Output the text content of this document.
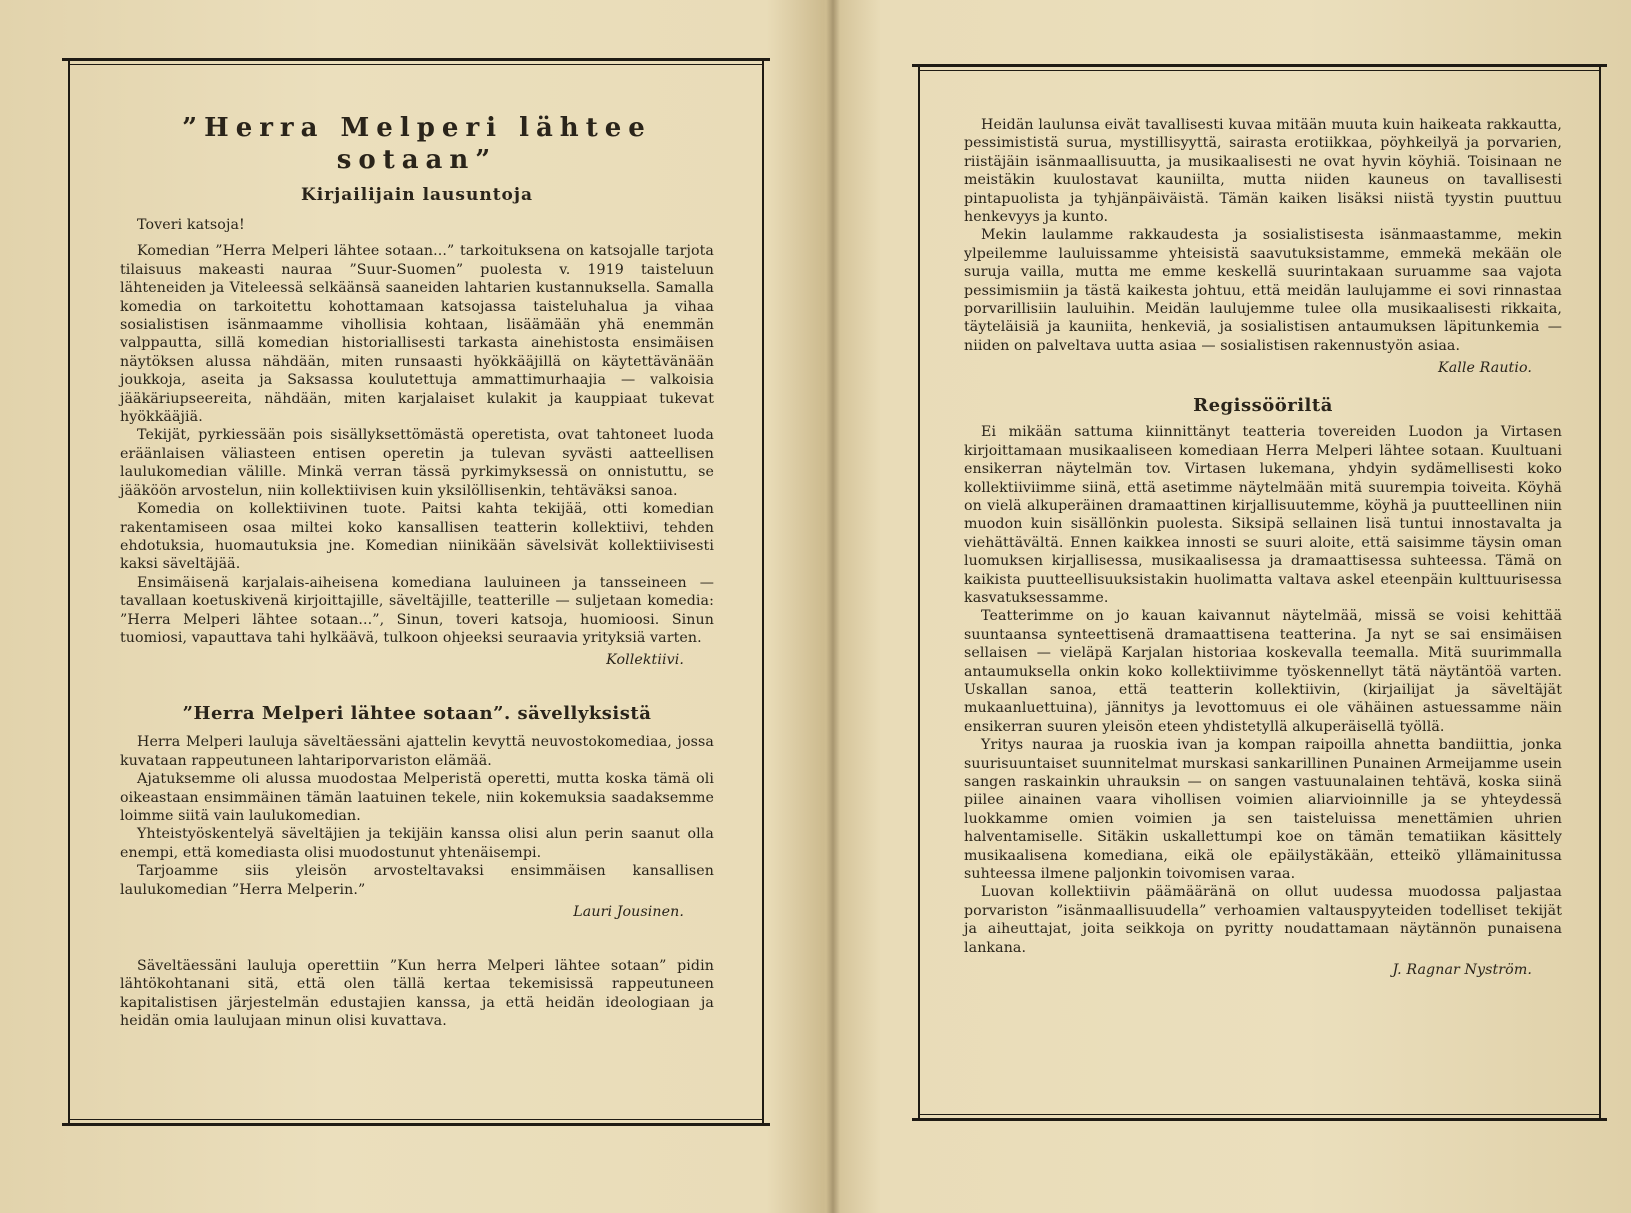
”Herra Melperi lähtee sotaan”
Kirjailijain lausuntoja

Toveri katsoja!

Komedian ”Herra Melperi lähtee sotaan...” tarkoituksena on katsojalle tarjota tilaisuus makeasti nauraa ”Suur-Suomen” puolesta v. 1919 taisteluun lähteneiden ja Viteleessä selkäänsä saaneiden lahtarien kustannuksella. Samalla komedia on tarkoitettu kohottamaan katsojassa taisteluhalua ja vihaa sosialistisen isänmaamme vihollisia kohtaan, lisäämään yhä enemmän valppautta, sillä komedian historiallisesti tarkasta ainehistosta ensimäisen näytöksen alussa nähdään, miten runsaasti hyökkääjillä on käytettävänään joukkoja, aseita ja Saksassa koulutettuja ammattimurhaajia — valkoisia jääkäriupseereita, nähdään, miten karjalaiset kulakit ja kauppiaat tukevat hyökkääjiä.

Tekijät, pyrkiessään pois sisällyksettömästä operetista, ovat tahtoneet luoda eräänlaisen väliasteen entisen operetin ja tulevan syvästi aatteellisen laulukomedian välille. Minkä verran tässä pyrkimyksessä on onnistuttu, se jääköön arvostelun, niin kollektiivisen kuin yksilöllisenkin, tehtäväksi sanoa.

Komedia on kollektiivinen tuote. Paitsi kahta tekijää, otti komedian rakentamiseen osaa miltei koko kansallisen teatterin kollektiivi, tehden ehdotuksia, huomautuksia jne. Komedian niinikään sävelsivät kollektiivisesti kaksi säveltäjää.

Ensimäisenä karjalais-aiheisena komediana lauluineen ja tansseineen — tavallaan koetuskivenä kirjoittajille, säveltäjille, teatterille — suljetaan komedia: ”Herra Melperi lähtee sotaan...”, Sinun, toveri katsoja, huomioosi. Sinun tuomiosi, vapauttava tahi hylkäävä, tulkoon ohjeeksi seuraavia yrityksiä varten.

Kollektiivi.
”Herra Melperi lähtee sotaan”. sävellyksistä

Herra Melperi lauluja säveltäessäni ajattelin kevyttä neuvostokomediaa, jossa kuvataan rappeutuneen lahtariporvariston elämää.

Ajatuksemme oli alussa muodostaa Melperistä operetti, mutta koska tämä oli oikeastaan ensimmäinen tämän laatuinen tekele, niin kokemuksia saadaksemme loimme siitä vain laulukomedian.

Yhteistyöskentelyä säveltäjien ja tekijäin kanssa olisi alun perin saanut olla enempi, että komediasta olisi muodostunut yhtenäisempi.

Tarjoamme siis yleisön arvosteltavaksi ensimmäisen kansallisen laulukomedian ”Herra Melperin.”

Lauri Jousinen.

Säveltäessäni lauluja operettiin ”Kun herra Melperi lähtee sotaan” pidin lähtökohtanani sitä, että olen tällä kertaa tekemisissä rappeutuneen kapitalistisen järjestelmän edustajien kanssa, ja että heidän ideologiaan ja heidän omia laulujaan minun olisi kuvattava.

Heidän laulunsa eivät tavallisesti kuvaa mitään muuta kuin haikeata rakkautta, pessimististä surua, mystillisyyttä, sairasta erotiikkaa, pöyhkeilyä ja porvarien, riistäjäin isänmaallisuutta, ja musikaalisesti ne ovat hyvin köyhiä. Toisinaan ne meistäkin kuulostavat kauniilta, mutta niiden kauneus on tavallisesti pintapuolista ja tyhjänpäiväistä. Tämän kaiken lisäksi niistä tyystin puuttuu henkevyys ja kunto.

Mekin laulamme rakkaudesta ja sosialistisesta isänmaastamme, mekin ylpeilemme lauluissamme yhteisistä saavutuksistamme, emmekä mekään ole suruja vailla, mutta me emme keskellä suurintakaan suruamme saa vajota pessimismiin ja tästä kaikesta johtuu, että meidän laulujamme ei sovi rinnastaa porvarillisiin lauluihin. Meidän laulujemme tulee olla musikaalisesti rikkaita, täyteläisiä ja kauniita, henkeviä, ja sosialistisen antaumuksen läpitunkemia — niiden on palveltava uutta asiaa — sosialistisen rakennustyön asiaa.

Kalle Rautio.
Regissööriltä

Ei mikään sattuma kiinnittänyt teatteria tovereiden Luodon ja Virtasen kirjoittamaan musikaaliseen komediaan Herra Melperi lähtee sotaan. Kuultuani ensikerran näytelmän tov. Virtasen lukemana, yhdyin sydämellisesti koko kollektiiviimme siinä, että asetimme näytelmään mitä suurempia toiveita. Köyhä on vielä alkuperäinen dramaattinen kirjallisuutemme, köyhä ja puutteellinen niin muodon kuin sisällönkin puolesta. Siksipä sellainen lisä tuntui innostavalta ja viehättävältä. Ennen kaikkea innosti se suuri aloite, että saisimme täysin oman luomuksen kirjallisessa, musikaalisessa ja dramaattisessa suhteessa. Tämä on kaikista puutteellisuuksistakin huolimatta valtava askel eteenpäin kulttuurisessa kasvatuksessamme.

Teatterimme on jo kauan kaivannut näytelmää, missä se voisi kehittää suuntaansa synteettisenä dramaattisena teatterina. Ja nyt se sai ensimäisen sellaisen — vieläpä Karjalan historiaa koskevalla teemalla. Mitä suurimmalla antaumuksella onkin koko kollektiivimme työskennellyt tätä näytäntöä varten. Uskallan sanoa, että teatterin kollektiivin, (kirjailijat ja säveltäjät mukaanluettuina), jännitys ja levottomuus ei ole vähäinen astuessamme näin ensikerran suuren yleisön eteen yhdistetyllä alkuperäisellä työllä.

Yritys nauraa ja ruoskia ivan ja kompan raipoilla ahnetta bandiittia, jonka suurisuuntaiset suunnitelmat murskasi sankarillinen Punainen Armeijamme usein sangen raskainkin uhrauksin — on sangen vastuunalainen tehtävä, koska siinä piilee ainainen vaara vihollisen voimien aliarvioinnille ja se yhteydessä luokkamme omien voimien ja sen taisteluissa menettämien uhrien halventamiselle. Sitäkin uskallettumpi koe on tämän tematiikan käsittely musikaalisena komediana, eikä ole epäilystäkään, etteikö yllämainitussa suhteessa ilmene paljonkin toivomisen varaa.

Luovan kollektiivin päämääränä on ollut uudessa muodossa paljastaa porvariston ”isänmaallisuudella” verhoamien valtauspyyteiden todelliset tekijät ja aiheuttajat, joita seikkoja on pyritty noudattamaan näytännön punaisena lankana.

J. Ragnar Nyström.
